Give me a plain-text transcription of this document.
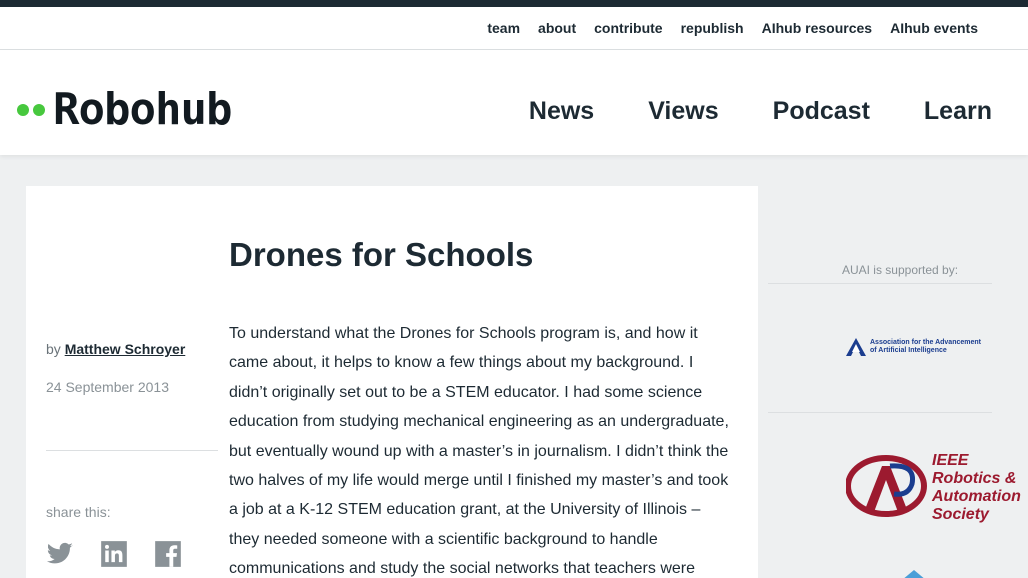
team about contribute republish AIhub resources AIhub events
Robohub	News Views Podcast Learn
Drones for Schools
by Matthew Schroyer
24 September 2013
share this:

To understand what the Drones for Schools program is, and how it came about, it helps to know a few things about my background. I didn’t originally set out to be a STEM educator. I had some science education from studying mechanical engineering as an undergraduate, but eventually wound up with a master’s in journalism. I didn’t think the two halves of my life would merge until I finished my master’s and took a job at a K-12 STEM education grant, at the University of Illinois – they needed someone with a scientific background to handle communications and study the social networks that teachers were

AUAI is supported by:
Association for the Advancement
of Artificial Intelligence
IEEE
Robotics &
Automation
Society
